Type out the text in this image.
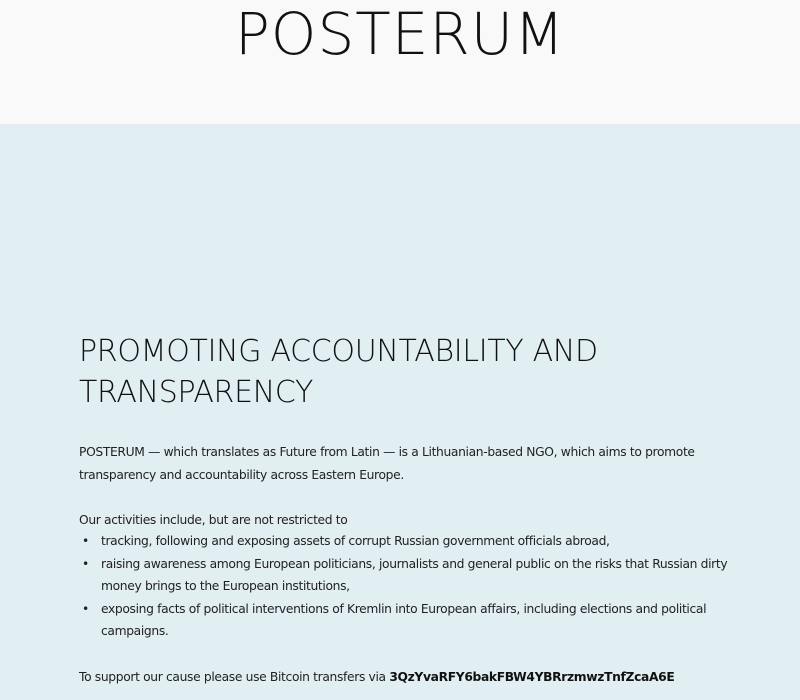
POSTERUM
PROMOTING ACCOUNTABILITY AND TRANSPARENCY
POSTERUM — which translates as Future from Latin — is a Lithuanian-based NGO, which aims to promote transparency and accountability across Eastern Europe.
Our activities include, but are not restricted to
• tracking, following and exposing assets of corrupt Russian government officials abroad,
• raising awareness among European politicians, journalists and general public on the risks that Russian dirty money brings to the European institutions,
• exposing facts of political interventions of Kremlin into European affairs, including elections and political campaigns.
To support our cause please use Bitcoin transfers via 3QzYvaRFY6bakFBW4YBRrzmwzTnfZcaA6E
